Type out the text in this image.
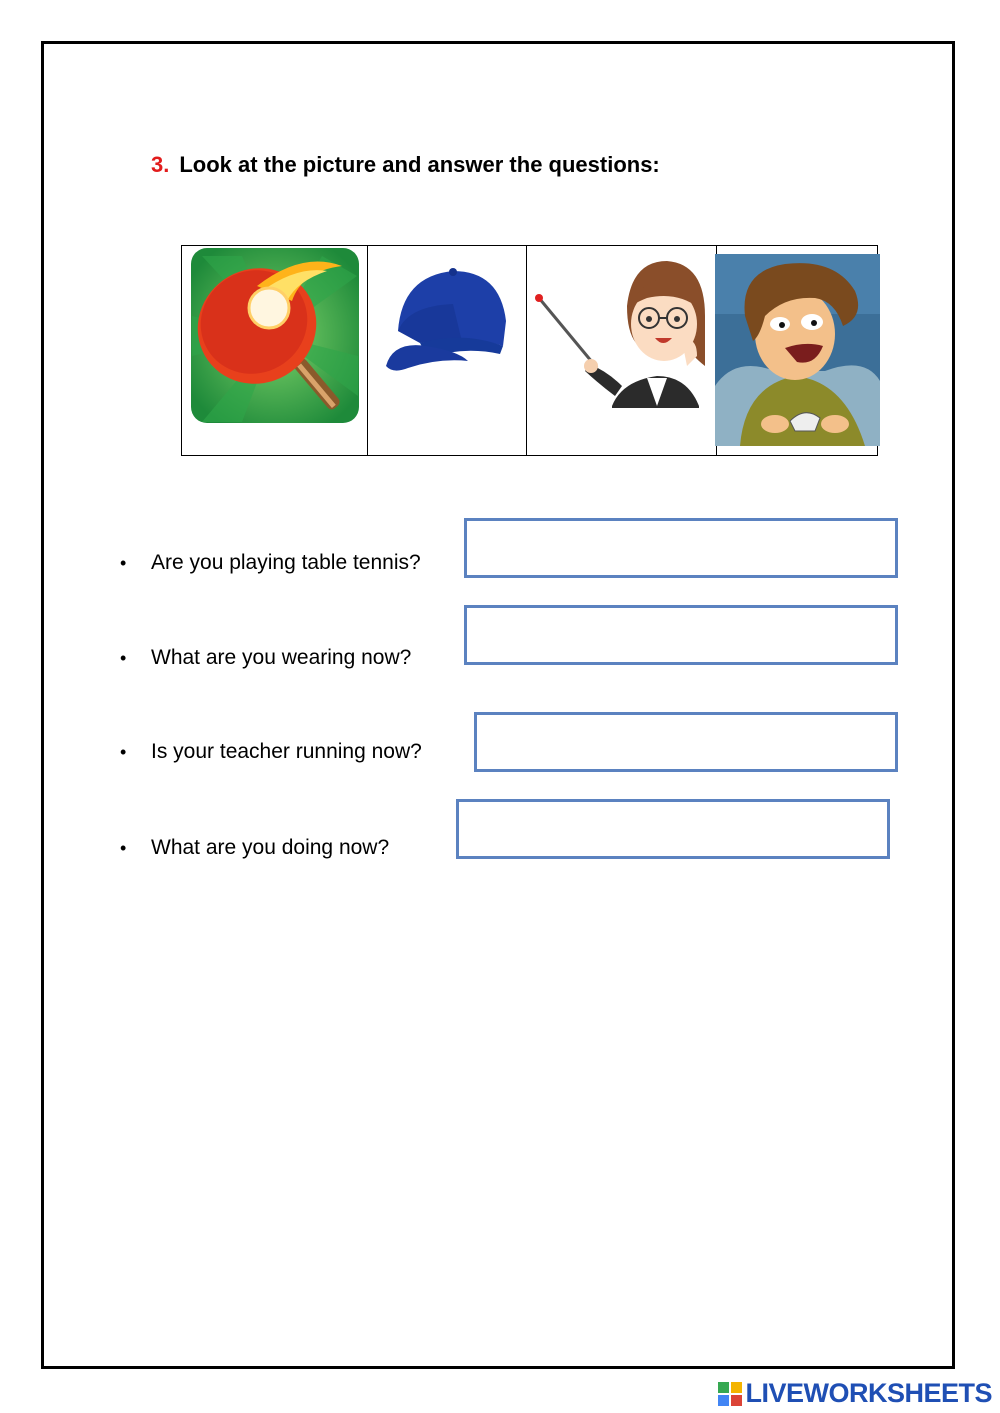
3. Look at the picture and answer the questions:
• Are you playing table tennis?
• What are you wearing now?
• Is your teacher running now?
• What are you doing now?
LIVEWORKSHEETS
